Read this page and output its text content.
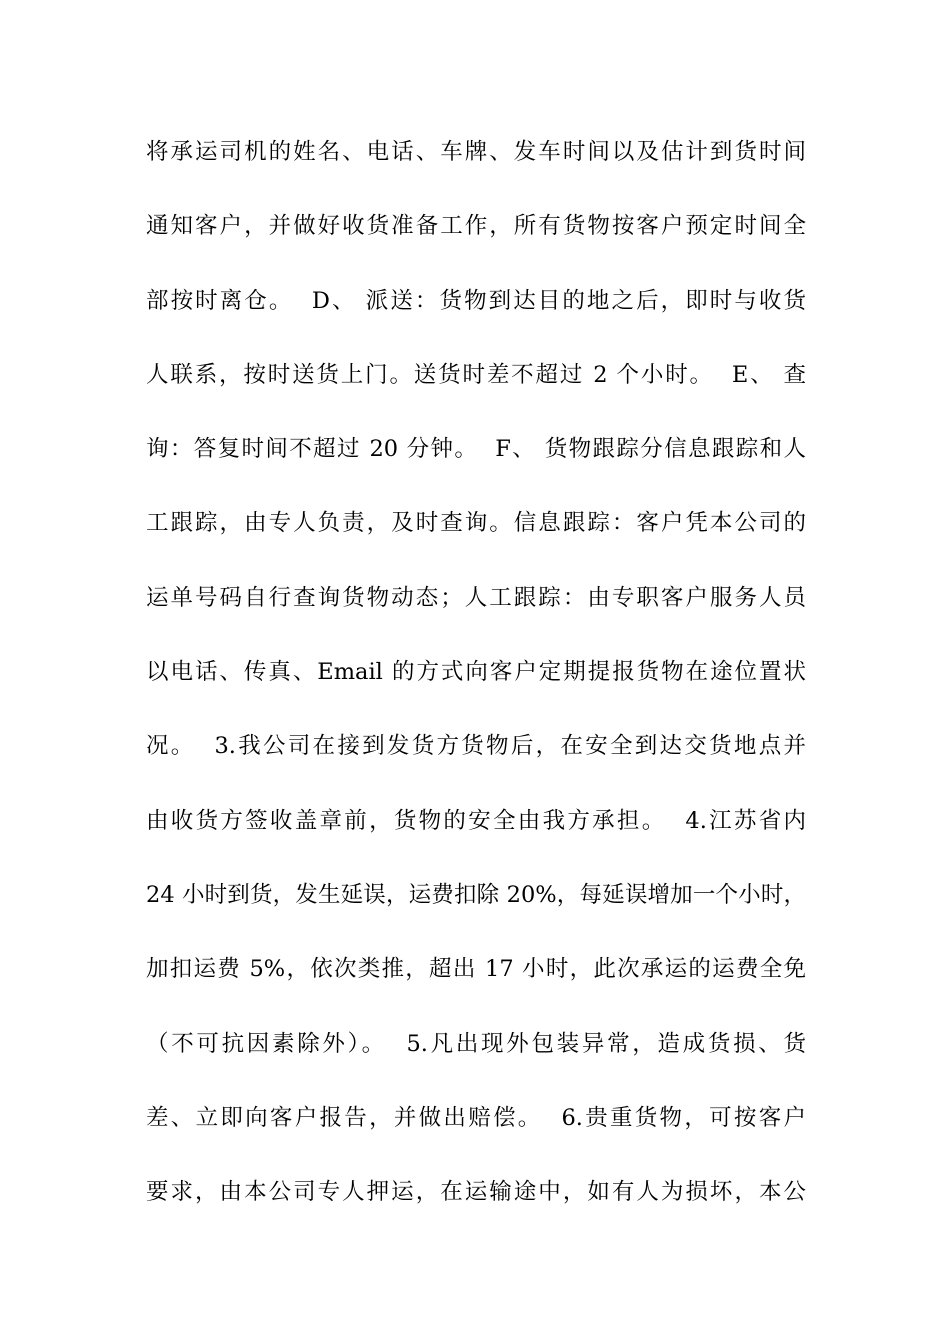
将承运司机的姓名、电话、车牌、发车时间以及估计到货时间
通知客户，并做好收货准备工作，所有货物按客户预定时间全
部按时离仓。  D、 派送：货物到达目的地之后，即时与收货
人联系，按时送货上门。送货时差不超过 2 个小时。  E、 查
询：答复时间不超过 20 分钟。  F、 货物跟踪分信息跟踪和人
工跟踪，由专人负责，及时查询。信息跟踪：客户凭本公司的
运单号码自行查询货物动态；人工跟踪：由专职客户服务人员
以电话、传真、Email 的方式向客户定期提报货物在途位置状
况。  3.我公司在接到发货方货物后，在安全到达交货地点并
由收货方签收盖章前，货物的安全由我方承担。  4.江苏省内
24 小时到货，发生延误，运费扣除 20%，每延误增加一个小时，
加扣运费 5%，依次类推，超出 17 小时，此次承运的运费全免
（不可抗因素除外）。  5.凡出现外包装异常，造成货损、货
差、立即向客户报告，并做出赔偿。  6.贵重货物，可按客户
要求，由本公司专人押运，在运输途中，如有人为损坏，本公
